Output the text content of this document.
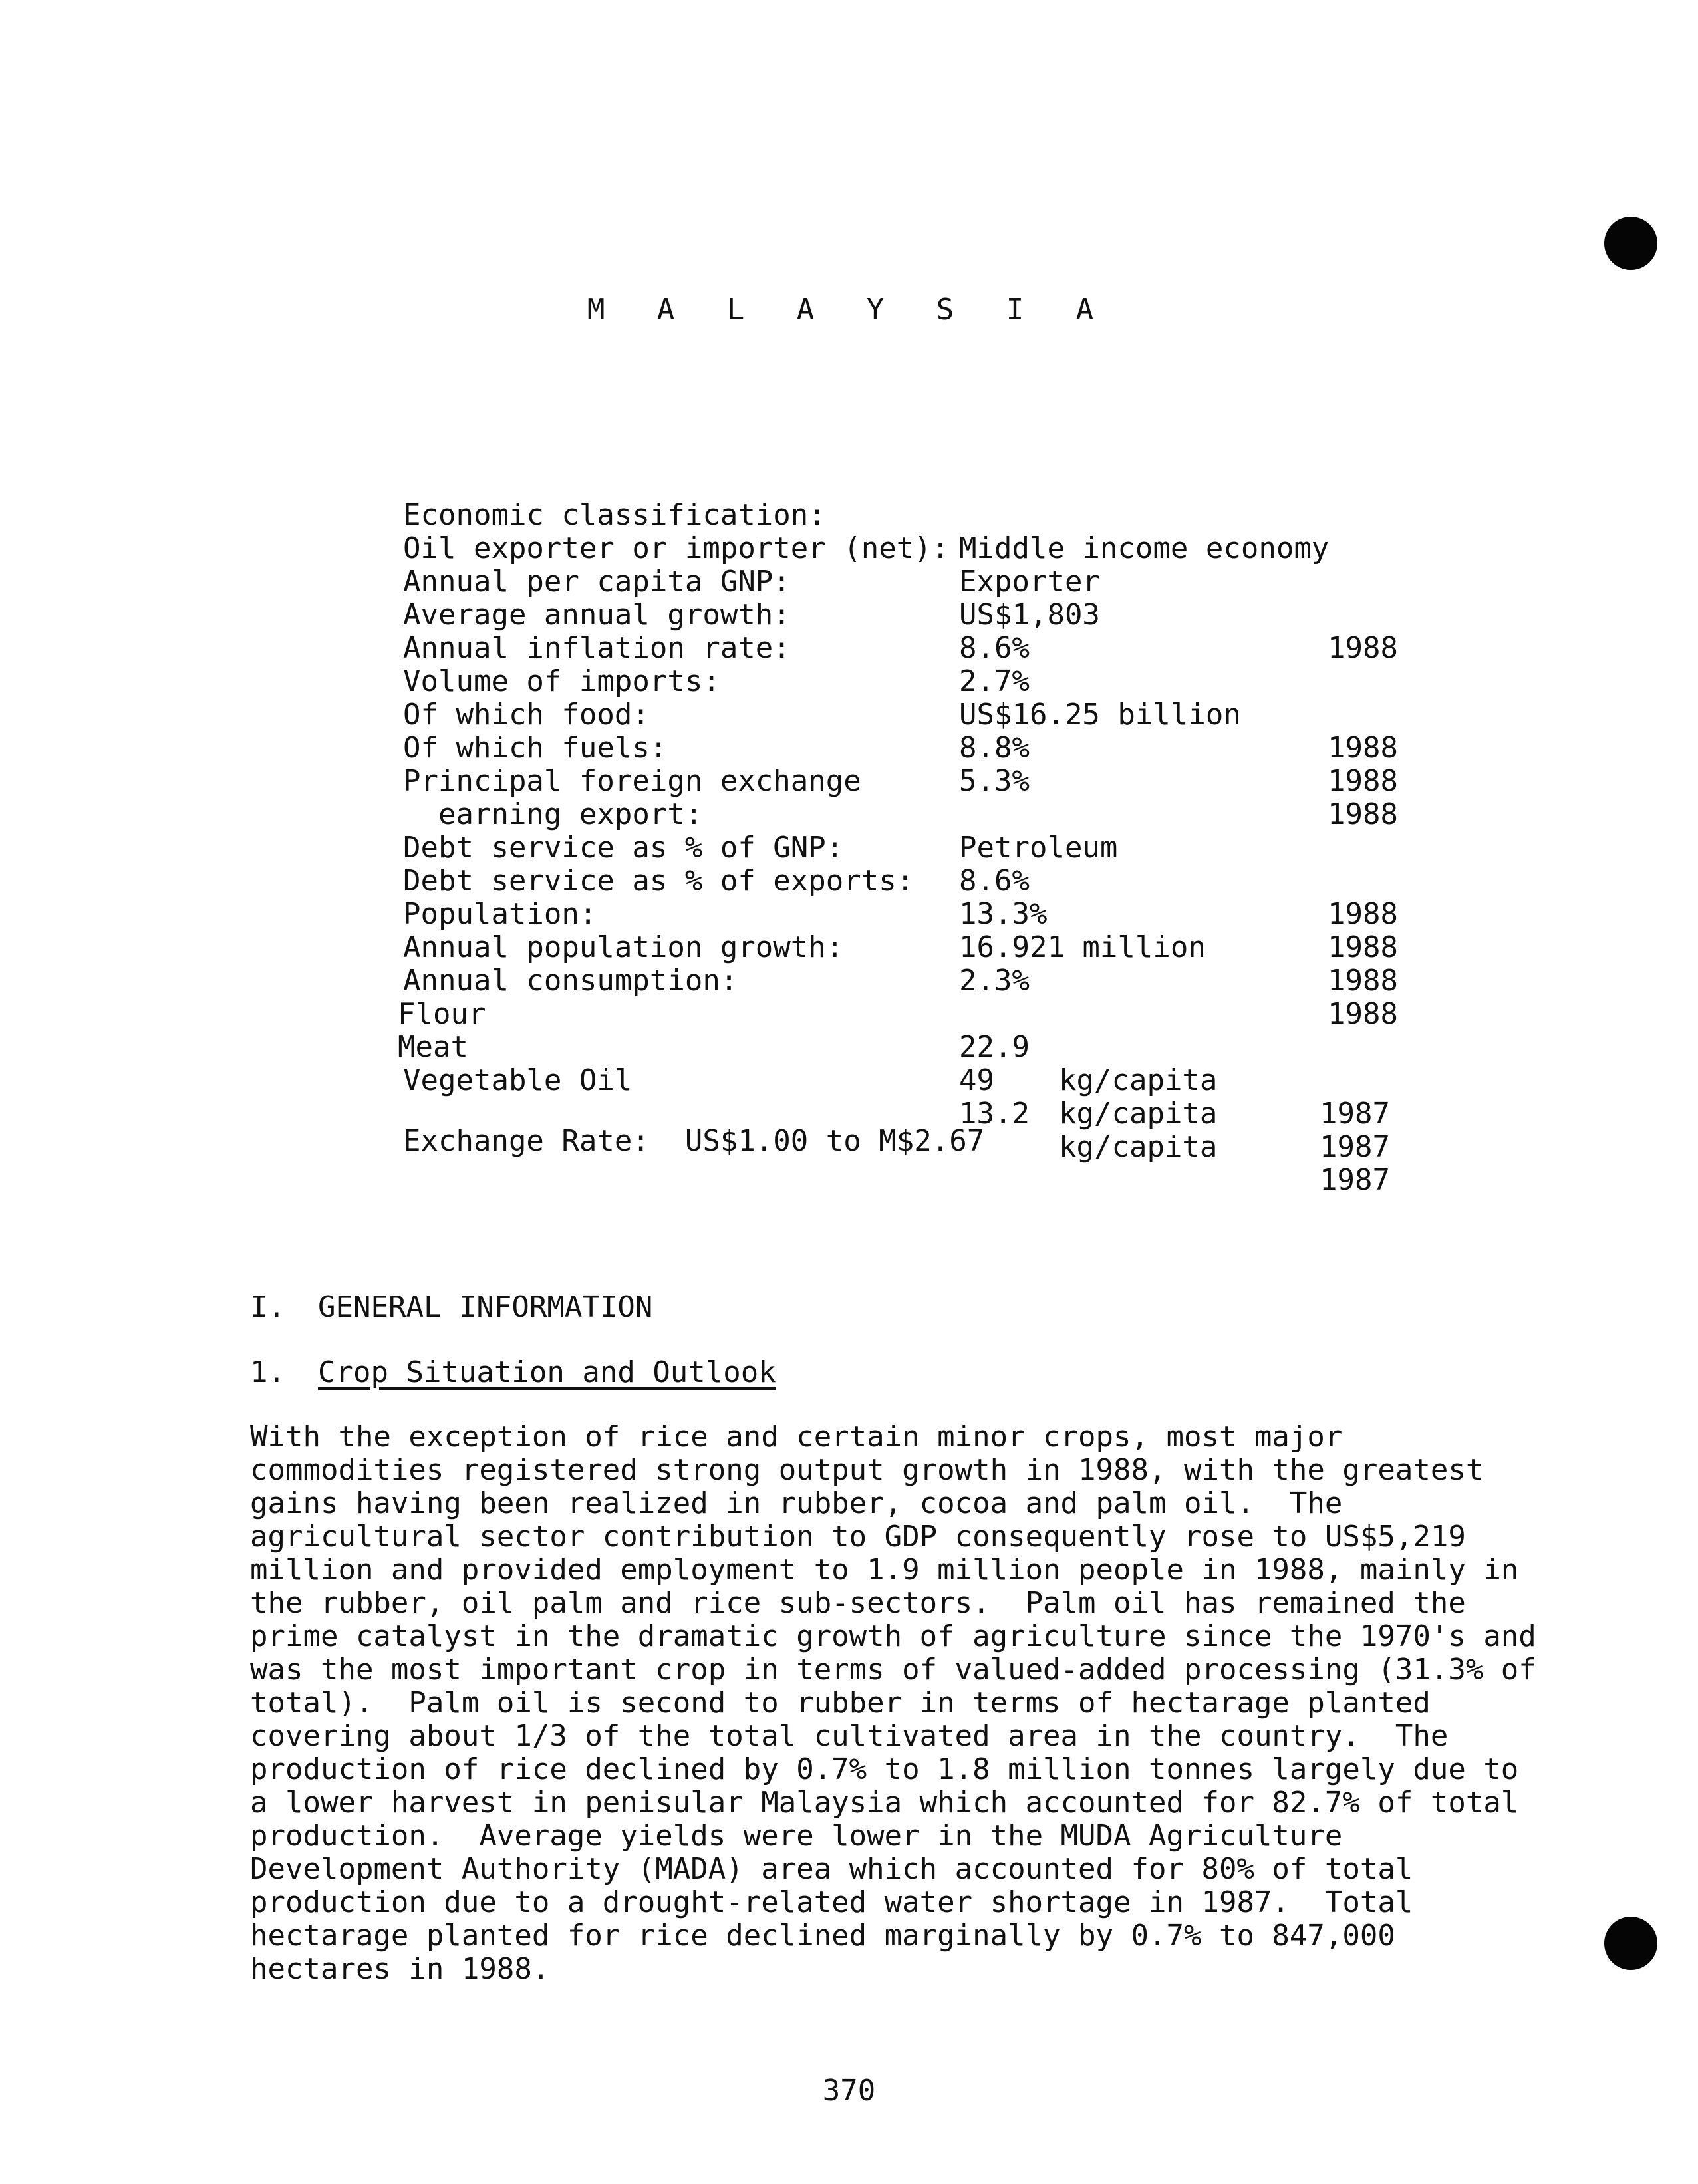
M A L A Y S I A

Economic classification:

Middle income economy

Oil exporter or importer (net):

Exporter

Annual per capita GNP:

US$1,803

1988

Average annual growth:

8.6%

Annual inflation rate:

2.7%

Volume of imports:

US$16.25 billion

1988

Of which food:

8.8%

1988

Of which fuels:

5.3%

1988

Principal foreign exchange

earning export:

Petroleum

Debt service as % of GNP:

8.6%

1988

Debt service as % of exports:

13.3%

1988

Population:

16.921 million

1988

Annual population growth:

2.3%

1988

Annual consumption:

Flour

22.9

kg/capita

1987

Meat

49

kg/capita

1987

Vegetable Oil

13.2

kg/capita

1987

Exchange Rate:  US$1.00 to M$2.67
I. GENERAL INFORMATION
1. Crop Situation and Outlook
With the exception of rice and certain minor crops, most major
commodities registered strong output growth in 1988, with the greatest
gains having been realized in rubber, cocoa and palm oil.  The
agricultural sector contribution to GDP consequently rose to US$5,219
million and provided employment to 1.9 million people in 1988, mainly in
the rubber, oil palm and rice sub-sectors.  Palm oil has remained the
prime catalyst in the dramatic growth of agriculture since the 1970's and
was the most important crop in terms of valued-added processing (31.3% of
total).  Palm oil is second to rubber in terms of hectarage planted
covering about 1/3 of the total cultivated area in the country.  The
production of rice declined by 0.7% to 1.8 million tonnes largely due to
a lower harvest in penisular Malaysia which accounted for 82.7% of total
production.  Average yields were lower in the MUDA Agriculture
Development Authority (MADA) area which accounted for 80% of total
production due to a drought-related water shortage in 1987.  Total
hectarage planted for rice declined marginally by 0.7% to 847,000
hectares in 1988.
370
